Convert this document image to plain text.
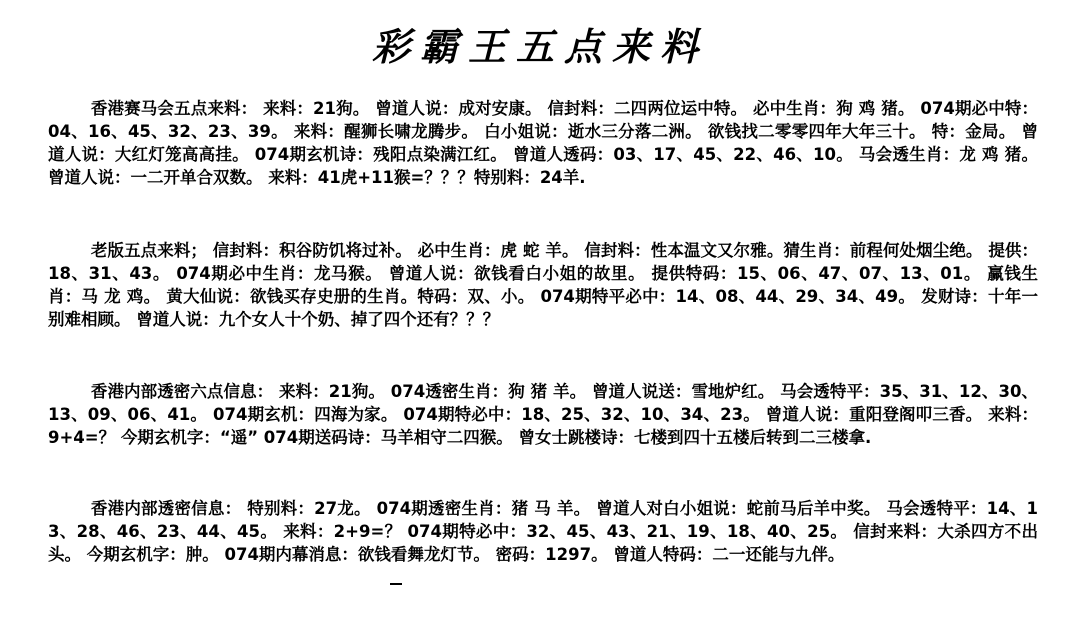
彩霸王五点来料
香港赛马会五点来料： 来料：21狗。 曾道人说：成对安康。 信封料：二四两位运中特。 必中生肖：狗 鸡 猪。 074期必中特：04、16、45、32、23、39。 来料：醒狮长啸龙腾步。 白小姐说：逝水三分落二洲。 欲钱找二零零四年大年三十。 特：金局。 曾道人说：大红灯笼高高挂。 074期玄机诗：残阳点染满江红。 曾道人透码：03、17、45、22、46、10。 马会透生肖：龙 鸡 猪。 曾道人说：一二开单合双数。 来料：41虎+11猴=？？？特别料：24羊.
老版五点来料； 信封料：积谷防饥将过补。 必中生肖：虎 蛇 羊。 信封料：性本温文又尔雅。猜生肖：前程何处烟尘绝。 提供：18、31、43。 074期必中生肖：龙马猴。 曾道人说：欲钱看白小姐的故里。 提供特码：15、06、47、07、13、01。 赢钱生肖：马 龙 鸡。 黄大仙说：欲钱买存史册的生肖。特码：双、小。 074期特平必中：14、08、44、29、34、49。 发财诗：十年一别难相顾。 曾道人说：九个女人十个奶、掉了四个还有？？？
香港内部透密六点信息： 来料：21狗。 074透密生肖：狗 猪 羊。 曾道人说送：雪地炉红。 马会透特平：35、31、12、30、13、09、06、41。 074期玄机：四海为家。 074期特必中：18、25、32、10、34、23。 曾道人说：重阳登阁叩三香。 来料：9+4=？ 今期玄机字：“遥” 074期送码诗：马羊相守二四猴。 曾女士跳楼诗：七楼到四十五楼后转到二三楼拿.
香港内部透密信息： 特别料：27龙。 074期透密生肖：猪 马 羊。 曾道人对白小姐说：蛇前马后羊中奖。 马会透特平：14、13、28、46、23、44、45。 来料：2+9=？ 074期特必中：32、45、43、21、19、18、40、25。 信封来料：大杀四方不出头。 今期玄机字：肿。 074期内幕消息：欲钱看舞龙灯节。 密码：1297。 曾道人特码：二一还能与九伴。
